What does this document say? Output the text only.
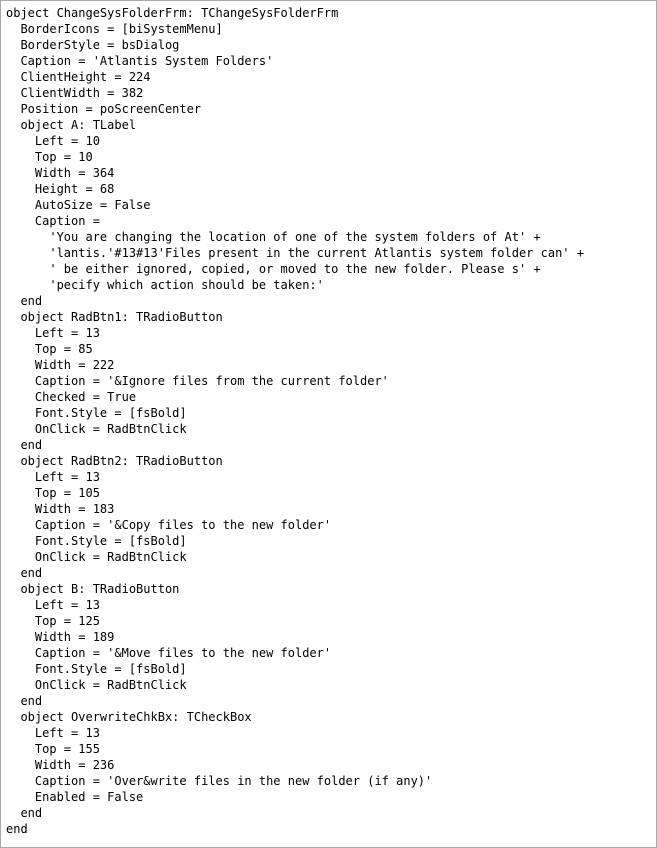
object ChangeSysFolderFrm: TChangeSysFolderFrm
BorderIcons = [biSystemMenu]
BorderStyle = bsDialog
Caption = 'Atlantis System Folders'
ClientHeight = 224
ClientWidth = 382
Position = poScreenCenter
object A: TLabel
Left = 10
Top = 10
Width = 364
Height = 68
AutoSize = False
Caption =
'You are changing the location of one of the system folders of At' +
'lantis.'#13#13'Files present in the current Atlantis system folder can' +
' be either ignored, copied, or moved to the new folder. Please s' +
'pecify which action should be taken:'
end
object RadBtn1: TRadioButton
Left = 13
Top = 85
Width = 222
Caption = '&Ignore files from the current folder'
Checked = True
Font.Style = [fsBold]
OnClick = RadBtnClick
end
object RadBtn2: TRadioButton
Left = 13
Top = 105
Width = 183
Caption = '&Copy files to the new folder'
Font.Style = [fsBold]
OnClick = RadBtnClick
end
object B: TRadioButton
Left = 13
Top = 125
Width = 189
Caption = '&Move files to the new folder'
Font.Style = [fsBold]
OnClick = RadBtnClick
end
object OverwriteChkBx: TCheckBox
Left = 13
Top = 155
Width = 236
Caption = 'Over&write files in the new folder (if any)'
Enabled = False
end
end
